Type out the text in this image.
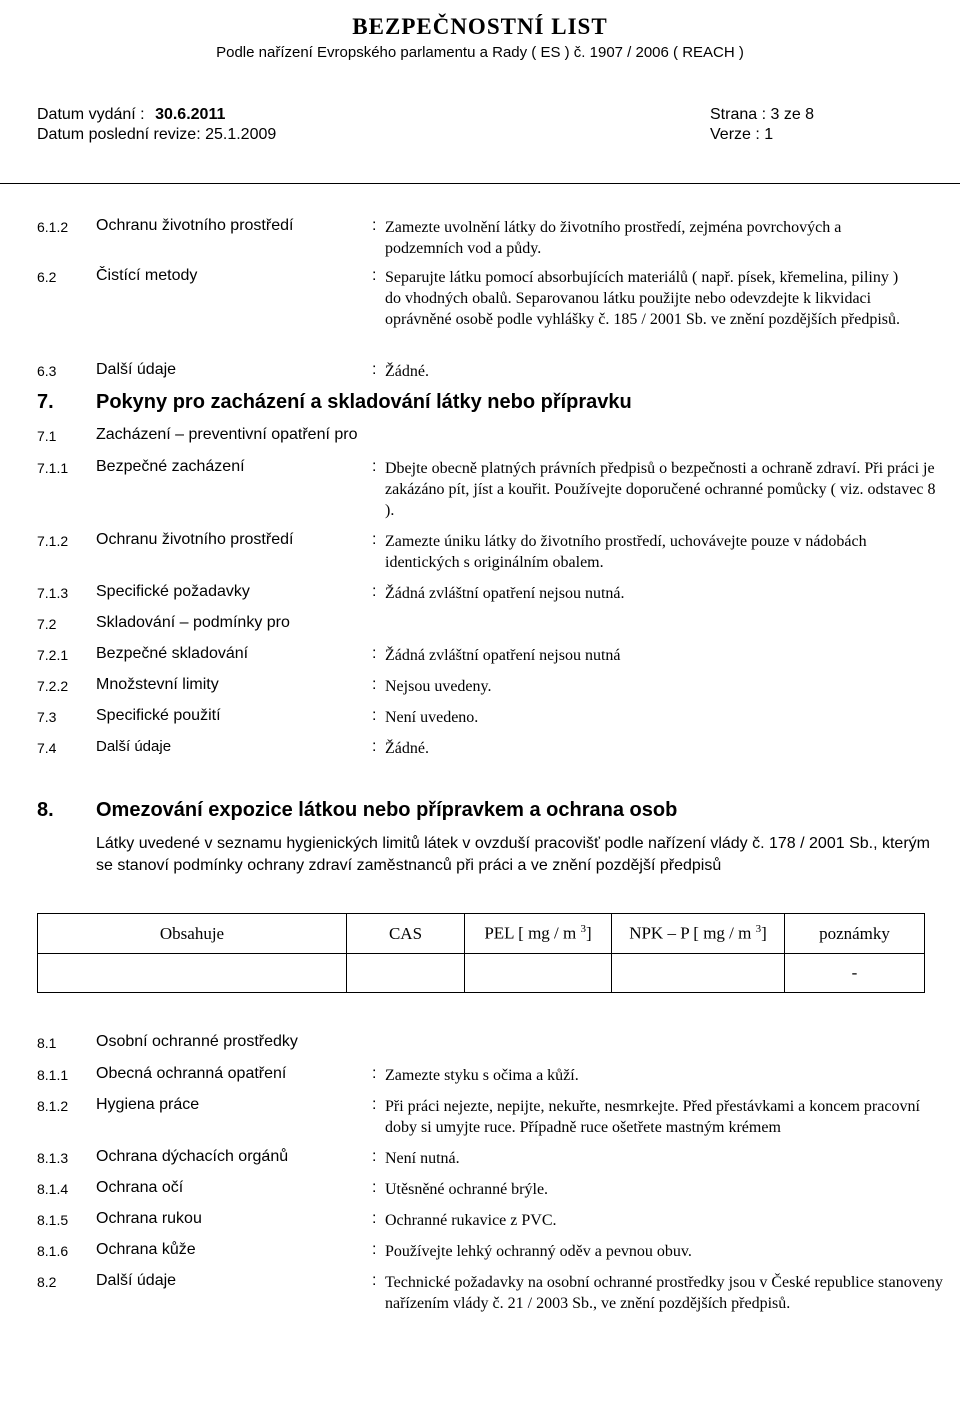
BEZPEČNOSTNÍ LIST
Podle nařízení Evropského parlamentu a Rady ( ES ) č. 1907 / 2006 ( REACH )
Datum vydání : 30.6.2011
Datum poslední revize: 25.1.2009
Strana : 3 ze 8
Verze : 1
6.1.2 Ochranu životního prostředí	: Zamezte uvolnění látky do životního prostředí, zejména povrchových a podzemních vod a půdy.
6.2 Čistící metody	: Separujte látku pomocí absorbujících materiálů ( např. písek, křemelina, piliny ) do vhodných obalů. Separovanou látku použijte nebo odevzdejte k likvidaci oprávněné osobě podle vyhlášky č. 185 / 2001 Sb. ve znění pozdějších předpisů.
6.3 Další údaje	: Žádné.
7. Pokyny pro zacházení a skladování látky nebo přípravku
7.1 Zacházení – preventivní opatření pro
7.1.1 Bezpečné zacházení	: Dbejte obecně platných právních předpisů o bezpečnosti a ochraně zdraví. Při práci je zakázáno pít, jíst a kouřit. Používejte doporučené ochranné pomůcky ( viz. odstavec 8 ).
7.1.2 Ochranu životního prostředí	: Zamezte úniku látky do životního prostředí, uchovávejte pouze v nádobách identických s originálním obalem.
7.1.3 Specifické požadavky	: Žádná zvláštní opatření nejsou nutná.
7.2 Skladování – podmínky pro
7.2.1 Bezpečné skladování	: Žádná zvláštní opatření nejsou nutná
7.2.2 Množstevní limity	: Nejsou uvedeny.
7.3 Specifické použití	: Není uvedeno.
7.4	Další údaje	: Žádné.
8. Omezování expozice látkou nebo přípravkem a ochrana osob
Látky uvedené v seznamu hygienických limitů látek v ovzduší pracovišť podle nařízení vlády č. 178 / 2001 Sb., kterým se stanoví podmínky ochrany zdraví zaměstnanců při práci a ve znění pozdější předpisů
Obsahuje	CAS	PEL [ mg / m $^3$]	NPK – P [ mg / m $^3$]	poznámky
				-
8.1 Osobní ochranné prostředky
8.1.1 Obecná ochranná opatření	: Zamezte styku s očima a kůží.
8.1.2 Hygiena práce	: Při práci nejezte, nepijte, nekuřte, nesmrkejte. Před přestávkami a koncem pracovní doby si umyjte ruce. Případně ruce ošetřete mastným krémem
8.1.3 Ochrana dýchacích orgánů	: Není nutná.
8.1.4 Ochrana očí	: Utěsněné ochranné brýle.
8.1.5 Ochrana rukou	: Ochranné rukavice z PVC.
8.1.6 Ochrana kůže	: Používejte lehký ochranný oděv a pevnou obuv.
8.2 Další údaje	: Technické požadavky na osobní ochranné prostředky jsou v České republice stanoveny nařízením vlády č. 21 / 2003 Sb., ve znění pozdějších předpisů.
